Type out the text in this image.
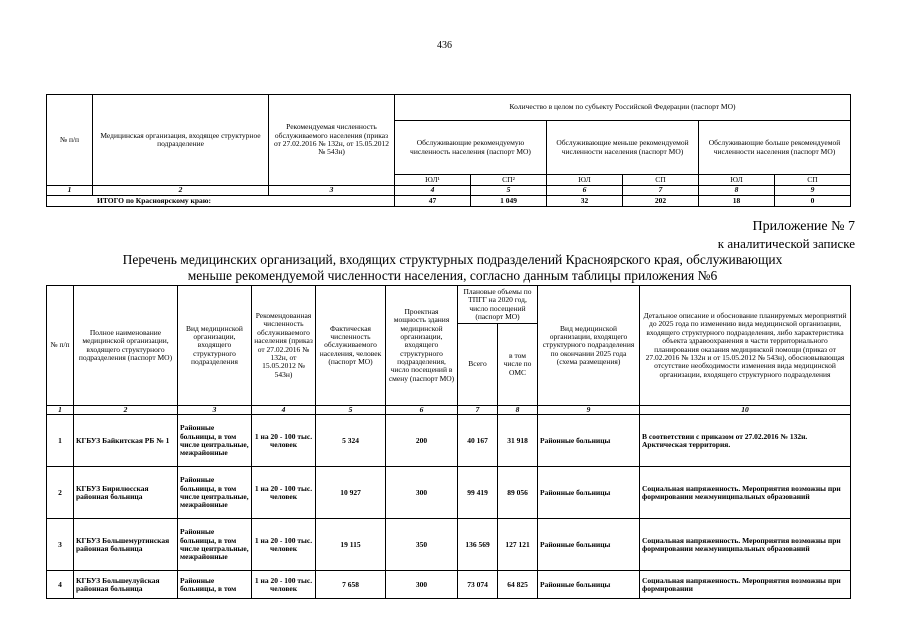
436
№ п/п	Медицинская организация, входящее структурное подразделение	Рекомендуемая численность обслуживаемого населения (приказ от 27.02.2016 № 132н, от 15.05.2012 № 543н)	Количество в целом по субъекту Российской Федерации (паспорт МО)					
			Обслуживающие рекомендуемую численность населения (паспорт МО)		Обслуживающие меньше рекомендуемой численности населения (паспорт МО)		Обслуживающие больше рекомендуемой численности населения (паспорт МО)	
			ЮЛ¹	СП²	ЮЛ	СП	ЮЛ	СП
1	2	3	4	5	6	7	8	9
ИТОГО по Красноярскому краю:			47	1 049	32	202	18	0
Приложение № 7
к аналитической записке
Перечень медицинских организаций, входящих структурных подразделений Красноярского края, обслуживающих
меньше рекомендуемой численности населения, согласно данным таблицы приложения №6
№ п/п	Полное наименование медицинской организации, входящего структурного подразделения (паспорт МО)	Вид медицинской организации, входящего структурного подразделения	Рекомендованная численность обслуживаемого населения (приказ от 27.02.2016 № 132н, от 15.05.2012 № 543н)	Фактическая численность обслуживаемого населения, человек (паспорт МО)	Проектная мощность здания медицинской организации, входящего структурного подразделения, число посещений в смену (паспорт МО)	Плановые объемы по ТПГГ на 2020 год, число посещений (паспорт МО)		Вид медицинской организации, входящего структурного подразделения по окончании 2025 года (схема размещения)	Детальное описание и обоснование планируемых мероприятий до 2025 года по изменению вида медицинской организации, входящего структурного подразделения, либо характеристика объекта здравоохранения в части территориального планирования оказания медицинской помощи (приказ от 27.02.2016 № 132н и от 15.05.2012 № 543н), обосновывающая отсутствие необходимости изменения вида медицинской организации, входящего структурного подразделения
						Всего	в том числе по ОМС		
1	2	3	4	5	6	7	8	9	10
1	КГБУЗ Байкитская РБ № 1	Районные больницы, в том числе центральные, межрайонные	1 на 20 - 100 тыс. человек	5 324	200	40 167	31 918	Районные больницы	В соответствии с приказом от 27.02.2016 № 132н. Арктическая территория.
2	КГБУЗ Бирилюсская районная больница	Районные больницы, в том числе центральные, межрайонные	1 на 20 - 100 тыс. человек	10 927	300	99 419	89 056	Районные больницы	Социальная напряженность. Мероприятия возможны при формировании межмуниципальных образований
3	КГБУЗ Большемуртинская районная больница	Районные больницы, в том числе центральные, межрайонные	1 на 20 - 100 тыс. человек	19 115	350	136 569	127 121	Районные больницы	Социальная напряженность. Мероприятия возможны при формировании межмуниципальных образований
4	КГБУЗ Большеулуйская районная больница	Районные больницы, в том	1 на 20 - 100 тыс. человек	7 658	300	73 074	64 825	Районные больницы	Социальная напряженность. Мероприятия возможны при формировании
